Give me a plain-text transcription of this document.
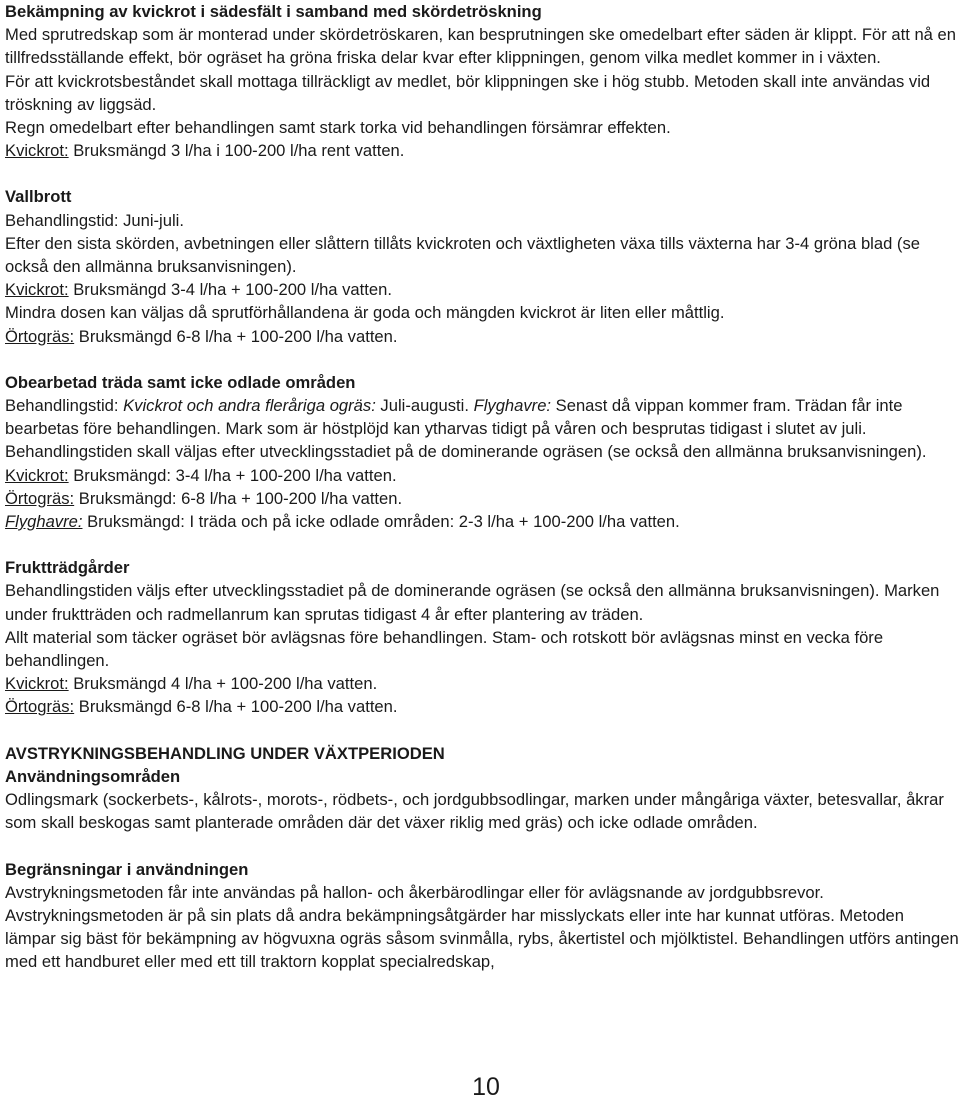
Bekämpning av kvickrot i sädesfält i samband med skördetröskning

Med sprutredskap som är monterad under skördetröskaren, kan besprutningen ske omedelbart efter säden är klippt. För att nå en tillfredsställande effekt, bör ogräset ha gröna friska delar kvar efter klippningen, genom vilka medlet kommer in i växten.

För att kvickrotsbeståndet skall mottaga tillräckligt av medlet, bör klippningen ske i hög stubb. Metoden skall inte användas vid tröskning av liggsäd.

Regn omedelbart efter behandlingen samt stark torka vid behandlingen försämrar effekten.

Kvickrot: Bruksmängd 3 l/ha i 100-200 l/ha rent vatten.

Vallbrott

Behandlingstid: Juni-juli.

Efter den sista skörden, avbetningen eller slåttern tillåts kvickroten och växtligheten växa tills växterna har 3-4 gröna blad (se också den allmänna bruksanvisningen).

Kvickrot: Bruksmängd 3-4 l/ha + 100-200 l/ha vatten.

Mindra dosen kan väljas då sprutförhållandena är goda och mängden kvickrot är liten eller måttlig.

Örtogräs: Bruksmängd 6-8 l/ha + 100-200 l/ha vatten.

Obearbetad träda samt icke odlade områden

Behandlingstid: Kvickrot och andra fleråriga ogräs: Juli-augusti. Flyghavre: Senast då vippan kommer fram. Trädan får inte bearbetas före behandlingen. Mark som är höstplöjd kan ytharvas tidigt på våren och besprutas tidigast i slutet av juli.

Behandlingstiden skall väljas efter utvecklingsstadiet på de dominerande ogräsen (se också den allmänna bruksanvisningen).

Kvickrot: Bruksmängd: 3-4 l/ha + 100-200 l/ha vatten.

Örtogräs: Bruksmängd: 6-8 l/ha + 100-200 l/ha vatten.

Flyghavre: Bruksmängd: I träda och på icke odlade områden: 2-3 l/ha + 100-200 l/ha vatten.

Fruktträdgårder

Behandlingstiden väljs efter utvecklingsstadiet på de dominerande ogräsen (se också den allmänna bruksanvisningen). Marken under fruktträden och radmellanrum kan sprutas tidigast 4 år efter plantering av träden.

Allt material som täcker ogräset bör avlägsnas före behandlingen. Stam- och rotskott bör avlägsnas minst en vecka före behandlingen.

Kvickrot: Bruksmängd 4 l/ha + 100-200 l/ha vatten.

Örtogräs: Bruksmängd 6-8 l/ha + 100-200 l/ha vatten.

AVSTRYKNINGSBEHANDLING UNDER VÄXTPERIODEN
Användningsområden

Odlingsmark (sockerbets-, kålrots-, morots-, rödbets-, och jordgubbsodlingar, marken under mångåriga växter, betesvallar, åkrar som skall beskogas samt planterade områden där det växer riklig med gräs) och icke odlade områden.

Begränsningar i användningen

Avstrykningsmetoden får inte användas på hallon- och åkerbärodlingar eller för avlägsnande av jordgubbsrevor. Avstrykningsmetoden är på sin plats då andra bekämpningsåtgärder har misslyckats eller inte har kunnat utföras. Metoden lämpar sig bäst för bekämpning av högvuxna ogräs såsom svinmålla, rybs, åkertistel och mjölktistel. Behandlingen utförs antingen med ett handburet eller med ett till traktorn kopplat specialredskap,

10
